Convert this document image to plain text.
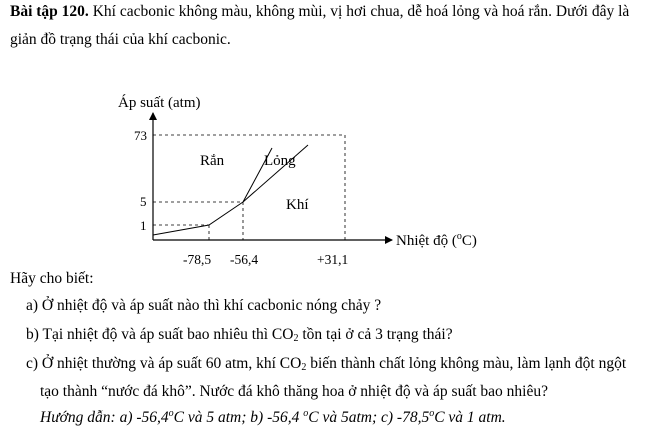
Bài tập 120. Khí cacbonic không màu, không mùi, vị hơi chua, dễ hoá lỏng và hoá rắn. Dưới đây là
giản đồ trạng thái của khí cacbonic.
Áp suất (atm)
Nhiệt độ ($^o$C)
73
5
1
-78,5 -56,4	+31,1
Rắn	Lỏng
Khí
Hãy cho biết:
a) Ở nhiệt độ và áp suất nào thì khí cacbonic nóng chảy ?
b) Tại nhiệt độ và áp suất bao nhiêu thì $CO_2$ tồn tại ở cả 3 trạng thái?
c) Ở nhiệt thường và áp suất 60 atm, khí $CO_2$ biến thành chất lỏng không màu, làm lạnh đột ngột
tạo thành “nước đá khô”. Nước đá khô thăng hoa ở nhiệt độ và áp suất bao nhiêu?
Hướng dẫn: a) -56,4$^o$C và 5 atm; b) -56,4 $^o$C và 5atm; c) -78,5$^o$C và 1 atm.
